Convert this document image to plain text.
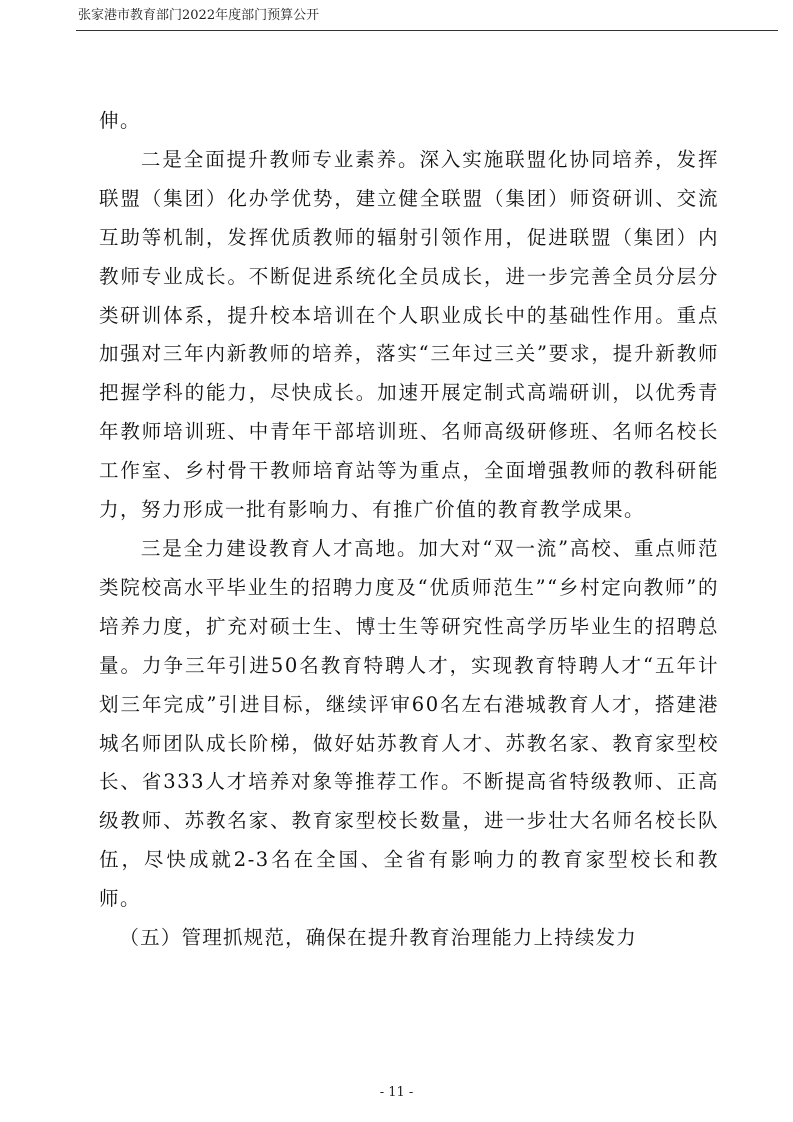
张家港市教育部门2022年度部门预算公开

伸。

二是全面提升教师专业素养。深入实施联盟化协同培养，发挥联盟（集团）化办学优势，建立健全联盟（集团）师资研训、交流互助等机制，发挥优质教师的辐射引领作用，促进联盟（集团）内教师专业成长。不断促进系统化全员成长，进一步完善全员分层分类研训体系，提升校本培训在个人职业成长中的基础性作用。重点加强对三年内新教师的培养，落实“三年过三关”要求，提升新教师把握学科的能力，尽快成长。加速开展定制式高端研训，以优秀青年教师培训班、中青年干部培训班、名师高级研修班、名师名校长工作室、乡村骨干教师培育站等为重点，全面增强教师的教科研能力，努力形成一批有影响力、有推广价值的教育教学成果。

三是全力建设教育人才高地。加大对“双一流”高校、重点师范类院校高水平毕业生的招聘力度及“优质师范生”“乡村定向教师”的培养力度，扩充对硕士生、博士生等研究性高学历毕业生的招聘总量。力争三年引进50名教育特聘人才，实现教育特聘人才“五年计划三年完成”引进目标，继续评审60名左右港城教育人才，搭建港城名师团队成长阶梯，做好姑苏教育人才、苏教名家、教育家型校长、省333人才培养对象等推荐工作。不断提高省特级教师、正高级教师、苏教名家、教育家型校长数量，进一步壮大名师名校长队伍，尽快成就2-3名在全国、全省有影响力的教育家型校长和教师。

（五）管理抓规范，确保在提升教育治理能力上持续发力

- 11 -
